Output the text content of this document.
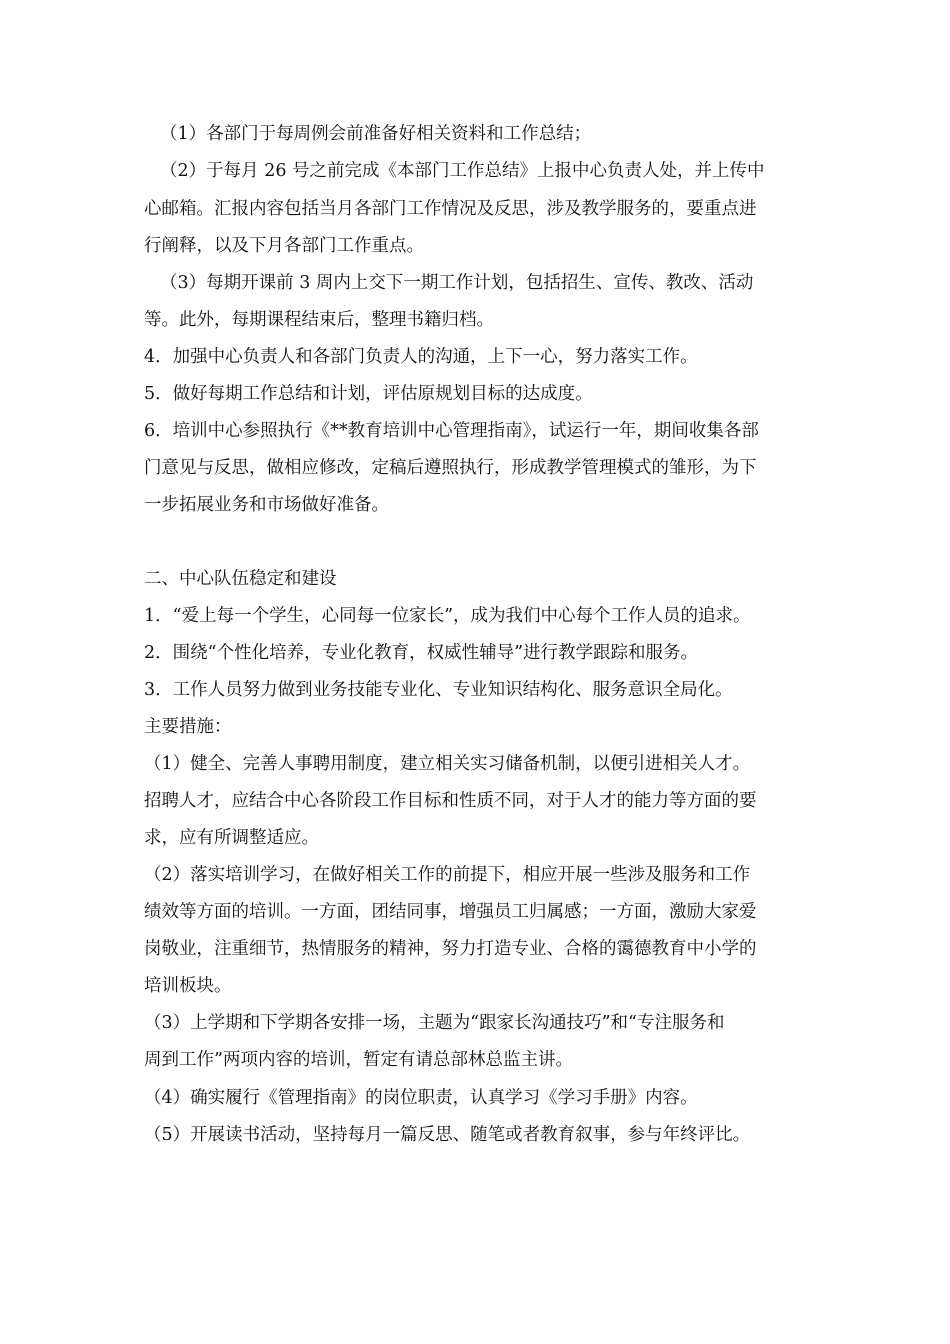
（1）各部门于每周例会前准备好相关资料和工作总结；
（2）于每月 26 号之前完成《本部门工作总结》上报中心负责人处，并上传中
心邮箱。汇报内容包括当月各部门工作情况及反思，涉及教学服务的，要重点进
行阐释，以及下月各部门工作重点。
（3）每期开课前 3 周内上交下一期工作计划，包括招生、宣传、教改、活动
等。此外，每期课程结束后，整理书籍归档。
4．加强中心负责人和各部门负责人的沟通，上下一心，努力落实工作。
5．做好每期工作总结和计划，评估原规划目标的达成度。
6．培训中心参照执行《**教育培训中心管理指南》，试运行一年，期间收集各部
门意见与反思，做相应修改，定稿后遵照执行，形成教学管理模式的雏形，为下
一步拓展业务和市场做好准备。
二、中心队伍稳定和建设
1．“爱上每一个学生，心同每一位家长”，成为我们中心每个工作人员的追求。
2．围绕“个性化培养，专业化教育，权威性辅导”进行教学跟踪和服务。
3．工作人员努力做到业务技能专业化、专业知识结构化、服务意识全局化。
主要措施：
（1）健全、完善人事聘用制度，建立相关实习储备机制，以便引进相关人才。
招聘人才，应结合中心各阶段工作目标和性质不同，对于人才的能力等方面的要
求，应有所调整适应。
（2）落实培训学习，在做好相关工作的前提下，相应开展一些涉及服务和工作
绩效等方面的培训。一方面，团结同事，增强员工归属感；一方面，激励大家爱
岗敬业，注重细节，热情服务的精神，努力打造专业、合格的霭德教育中小学的
培训板块。
（3）上学期和下学期各安排一场，主题为“跟家长沟通技巧”和“专注服务和
周到工作”两项内容的培训，暂定有请总部林总监主讲。
（4）确实履行《管理指南》的岗位职责，认真学习《学习手册》内容。
（5）开展读书活动，坚持每月一篇反思、随笔或者教育叙事，参与年终评比。
